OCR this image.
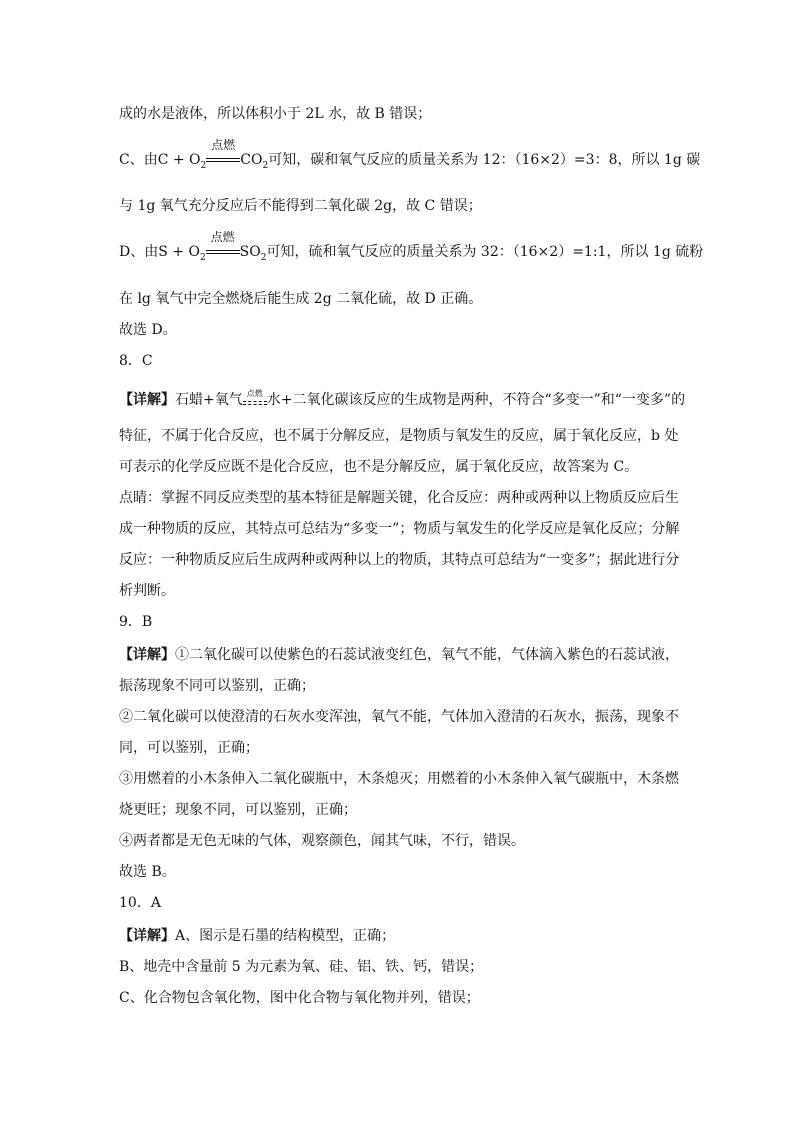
成的水是液体，所以体积小于 2L 水，故 B 错误；
C、由$C + O_2$
点燃
$CO_2$可知，碳和氧气反应的质量关系为 12：（16×2）=3：8，所以 1g 碳
与 1g 氧气充分反应后不能得到二氧化碳 2g，故 C 错误；
D、由$S + O_2$
点燃
$SO_2$可知，硫和氧气反应的质量关系为 32：（16×2）=1:1，所以 1g 硫粉
在 lg 氧气中完全燃烧后能生成 2g 二氧化硫，故 D 正确。
故选 D。
8．C
【详解】石蜡+氧气 点燃 水+二氧化碳该反应的生成物是两种，不符合“多变一”和“一变多”的
特征，不属于化合反应，也不属于分解反应，是物质与氧发生的反应，属于氧化反应，b 处
可表示的化学反应既不是化合反应，也不是分解反应，属于氧化反应，故答案为 C。
点睛：掌握不同反应类型的基本特征是解题关键，化合反应：两种或两种以上物质反应后生
成一种物质的反应，其特点可总结为“多变一”；物质与氧发生的化学反应是氧化反应；分解
反应：一种物质反应后生成两种或两种以上的物质，其特点可总结为“一变多”；据此进行分
析判断。
9．B
【详解】①二氧化碳可以使紫色的石蕊试液变红色，氧气不能，气体滴入紫色的石蕊试液，
振荡现象不同可以鉴别，正确；
②二氧化碳可以使澄清的石灰水变浑浊，氧气不能，气体加入澄清的石灰水，振荡，现象不
同，可以鉴别，正确；
③用燃着的小木条伸入二氧化碳瓶中，木条熄灭；用燃着的小木条伸入氧气碳瓶中，木条燃
烧更旺；现象不同，可以鉴别，正确；
④两者都是无色无味的气体，观察颜色，闻其气味，不行，错误。
故选 B。
10．A
【详解】A、图示是石墨的结构模型，正确；
B、地壳中含量前 5 为元素为氧、硅、铝、铁、钙，错误；
C、化合物包含氧化物，图中化合物与氧化物并列，错误；
